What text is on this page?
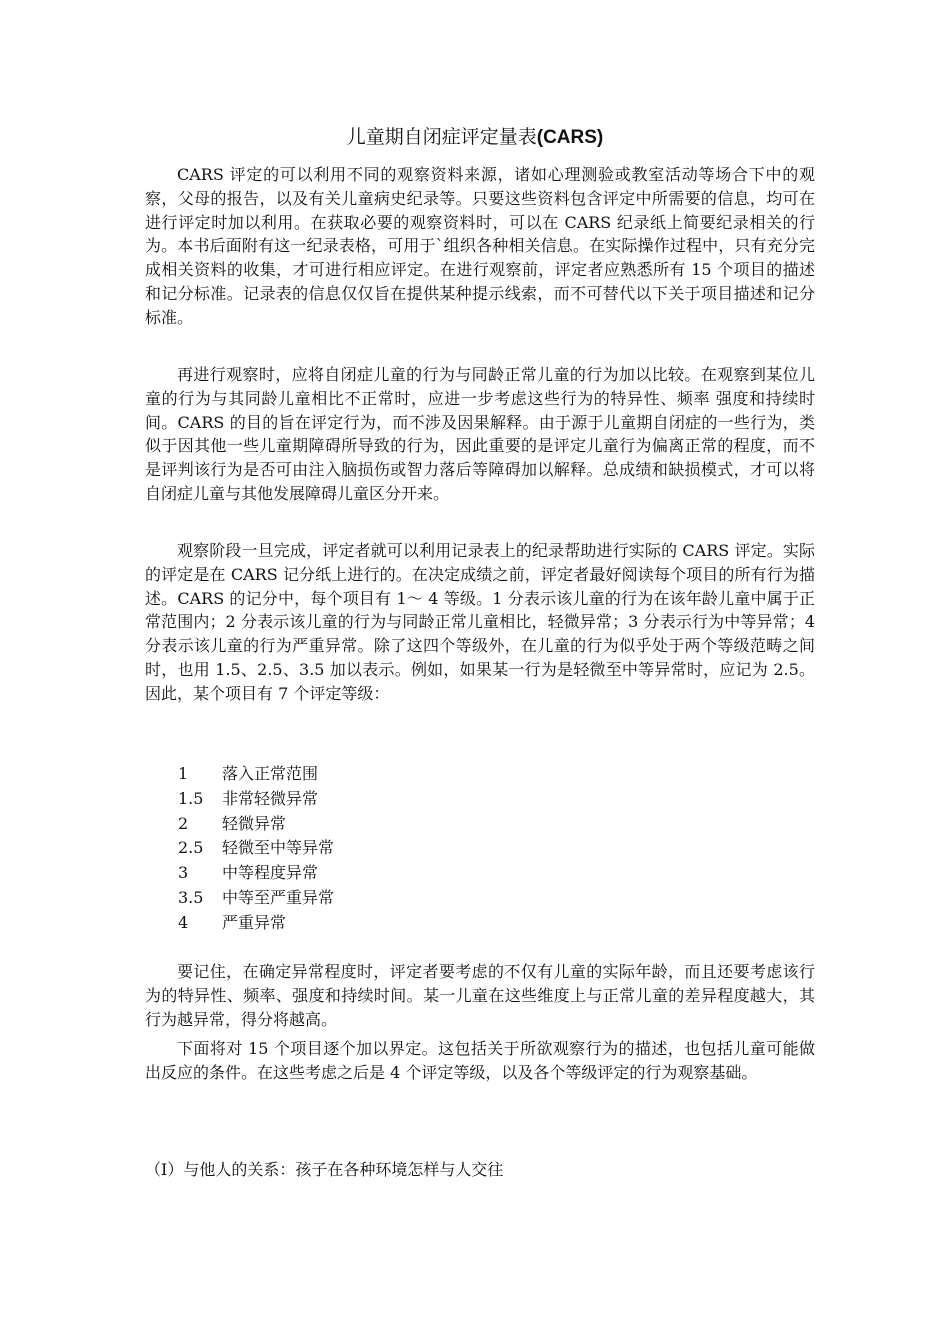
儿童期自闭症评定量表(CARS)

CARS 评定的可以利用不同的观察资料来源，诸如心理测验或教室活动等场合下中的观察，父母的报告，以及有关儿童病史纪录等。只要这些资料包含评定中所需要的信息，均可在进行评定时加以利用。在获取必要的观察资料时，可以在 CARS 纪录纸上简要纪录相关的行为。本书后面附有这一纪录表格，可用于`组织各种相关信息。在实际操作过程中，只有充分完成相关资料的收集，才可进行相应评定。在进行观察前，评定者应熟悉所有 15 个项目的描述和记分标准。记录表的信息仅仅旨在提供某种提示线索，而不可替代以下关于项目描述和记分标准。

再进行观察时，应将自闭症儿童的行为与同龄正常儿童的行为加以比较。在观察到某位儿童的行为与其同龄儿童相比不正常时，应进一步考虑这些行为的特异性、频率 强度和持续时间。CARS 的目的旨在评定行为，而不涉及因果解释。由于源于儿童期自闭症的一些行为，类似于因其他一些儿童期障碍所导致的行为，因此重要的是评定儿童行为偏离正常的程度，而不是评判该行为是否可由注入脑损伤或智力落后等障碍加以解释。总成绩和缺损模式，才可以将自闭症儿童与其他发展障碍儿童区分开来。

观察阶段一旦完成，评定者就可以利用记录表上的纪录帮助进行实际的 CARS 评定。实际的评定是在 CARS 记分纸上进行的。在决定成绩之前，评定者最好阅读每个项目的所有行为描述。CARS 的记分中，每个项目有 1～ 4 等级。1 分表示该儿童的行为在该年龄儿童中属于正常范围内；2 分表示该儿童的行为与同龄正常儿童相比，轻微异常；3 分表示行为中等异常；4 分表示该儿童的行为严重异常。除了这四个等级外，在儿童的行为似乎处于两个等级范畴之间时，也用 1.5、2.5、3.5 加以表示。例如，如果某一行为是轻微至中等异常时，应记为 2.5。因此，某个项目有 7 个评定等级：

1	落入正常范围
1.5	非常轻微异常
2	轻微异常
2.5	轻微至中等异常
3	中等程度异常
3.5	中等至严重异常
4	严重异常

要记住，在确定异常程度时，评定者要考虑的不仅有儿童的实际年龄，而且还要考虑该行为的特异性、频率、强度和持续时间。某一儿童在这些维度上与正常儿童的差异程度越大，其行为越异常，得分将越高。

下面将对 15 个项目逐个加以界定。这包括关于所欲观察行为的描述，也包括儿童可能做出反应的条件。在这些考虑之后是 4 个评定等级，以及各个等级评定的行为观察基础。

（Ⅰ）与他人的关系：孩子在各种环境怎样与人交往
